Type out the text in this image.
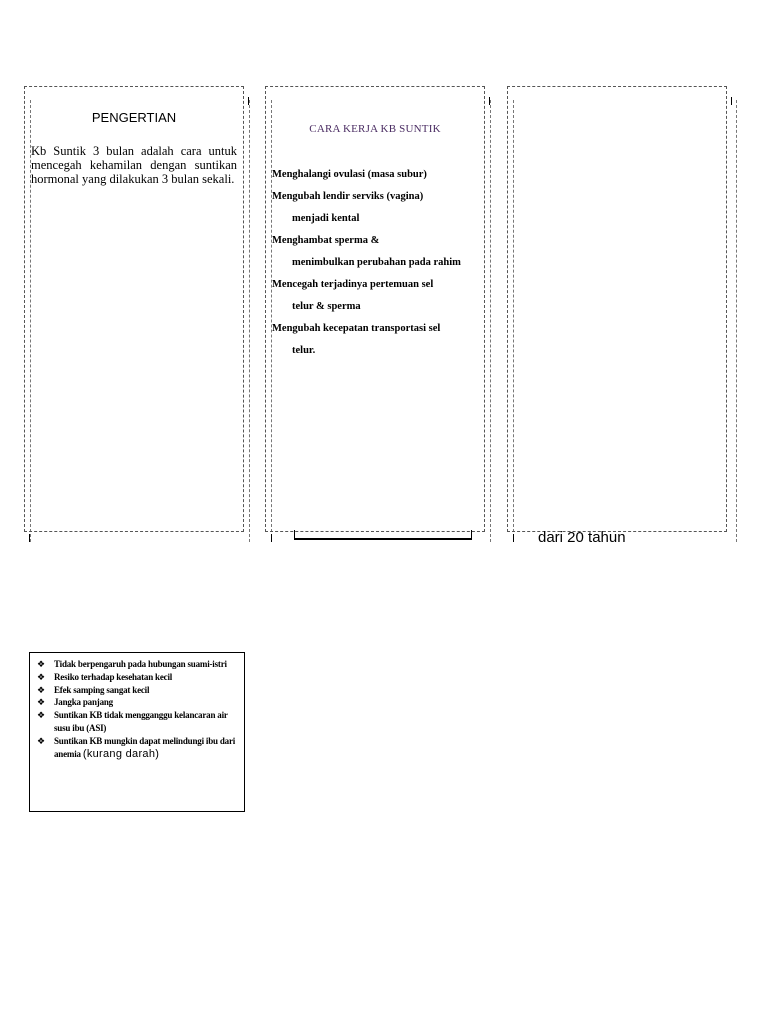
PENGERTIAN
Kb Suntik 3 bulan adalah cara untuk mencegah kehamilan dengan suntikan hormonal yang dilakukan 3 bulan sekali.
CARA KERJA KB SUNTIK
Menghalangi ovulasi (masa subur)
Mengubah lendir serviks (vagina)
menjadi kental
Menghambat sperma &
menimbulkan perubahan pada rahim
Mencegah terjadinya pertemuan sel
telur & sperma
Mengubah kecepatan transportasi sel
telur.
dari 20 tahun
❖ Tidak berpengaruh pada hubungan suami-istri
❖ Resiko terhadap kesehatan kecil
❖ Efek samping sangat kecil
❖ Jangka panjang
❖ Suntikan KB tidak mengganggu kelancaran air susu ibu (ASI)
❖ Suntikan KB mungkin dapat melindungi ibu dari anemia (kurang darah)
